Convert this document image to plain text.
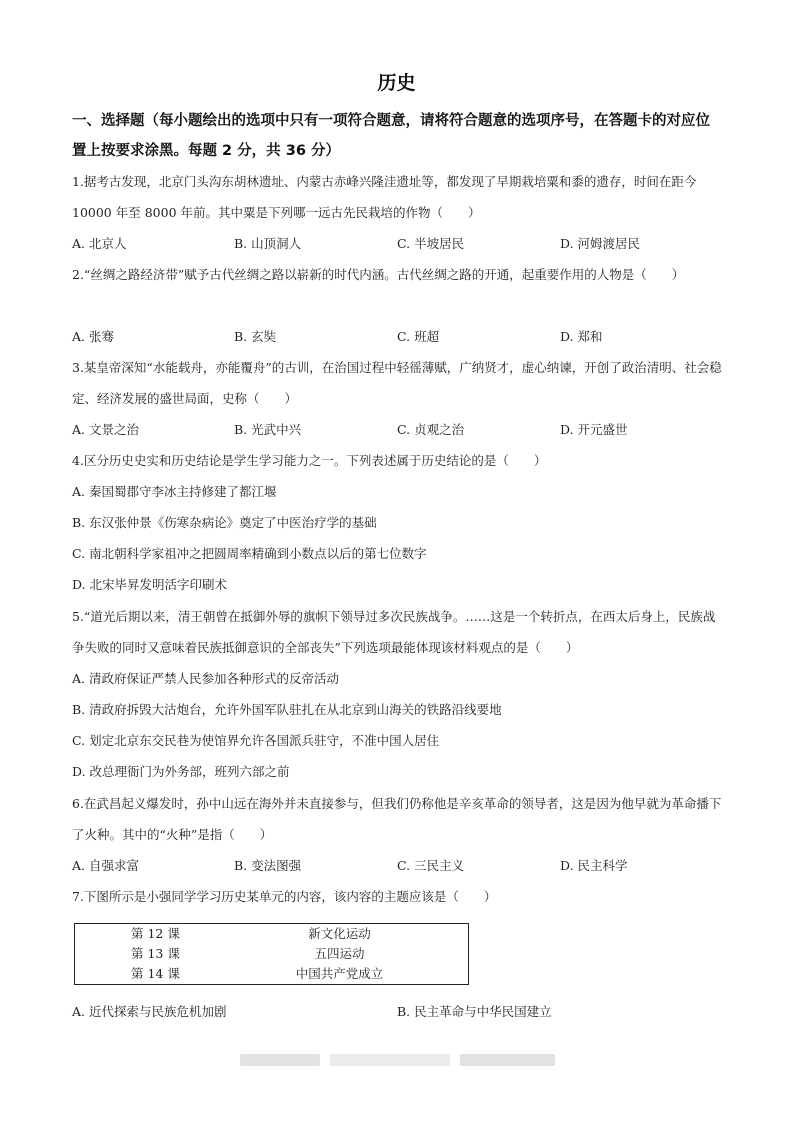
历史
一、选择题（每小题绘出的选项中只有一项符合题意，请将符合题意的选项序号，在答题卡的对应位置上按要求涂黑。每题 2 分，共 36 分）
1.据考古发现，北京门头沟东胡林遗址、内蒙古赤峰兴隆洼遗址等，都发现了早期栽培粟和黍的遗存，时间在距今 10000 年至 8000 年前。其中粟是下列哪一远古先民栽培的作物（　　）
A. 北京人	B. 山顶洞人	C. 半坡居民	D. 河姆渡居民
2.“丝绸之路经济带”赋予古代丝绸之路以崭新的时代内涵。古代丝绸之路的开通，起重要作用的人物是（　　）
A. 张骞	B. 玄奘	C. 班超	D. 郑和
3.某皇帝深知“水能载舟，亦能覆舟”的古训，在治国过程中轻徭薄赋，广纳贤才，虚心纳谏，开创了政治清明、社会稳定、经济发展的盛世局面，史称（　　）
A. 文景之治	B. 光武中兴	C. 贞观之治	D. 开元盛世
4.区分历史史实和历史结论是学生学习能力之一。下列表述属于历史结论的是（　　）
A. 秦国蜀郡守李冰主持修建了都江堰
B. 东汉张仲景《伤寒杂病论》奠定了中医治疗学的基础
C. 南北朝科学家祖冲之把圆周率精确到小数点以后的第七位数字
D. 北宋毕昇发明活字印刷术
5.“道光后期以来，清王朝曾在抵御外辱的旗帜下领导过多次民族战争。……这是一个转折点，在西太后身上，民族战争失败的同时又意味着民族抵御意识的全部丧失”下列选项最能体现该材料观点的是（　　）
A. 清政府保证严禁人民参加各种形式的反帝活动
B. 清政府拆毁大沽炮台，允许外国军队驻扎在从北京到山海关的铁路沿线要地
C. 划定北京东交民巷为使馆界允许各国派兵驻守，不准中国人居住
D. 改总理衙门为外务部，班列六部之前
6.在武昌起义爆发时，孙中山远在海外并未直接参与，但我们仍称他是辛亥革命的领导者，这是因为他早就为革命播下了火种。其中的“火种”是指（　　）
A. 自强求富	B. 变法图强	C. 三民主义	D. 民主科学
7.下图所示是小强同学学习历史某单元的内容，该内容的主题应该是（　　）
第 12 课	新文化运动
第 13 课	五四运动
第 14 课	中国共产党成立
A. 近代探索与民族危机加剧	B. 民主革命与中华民国建立
